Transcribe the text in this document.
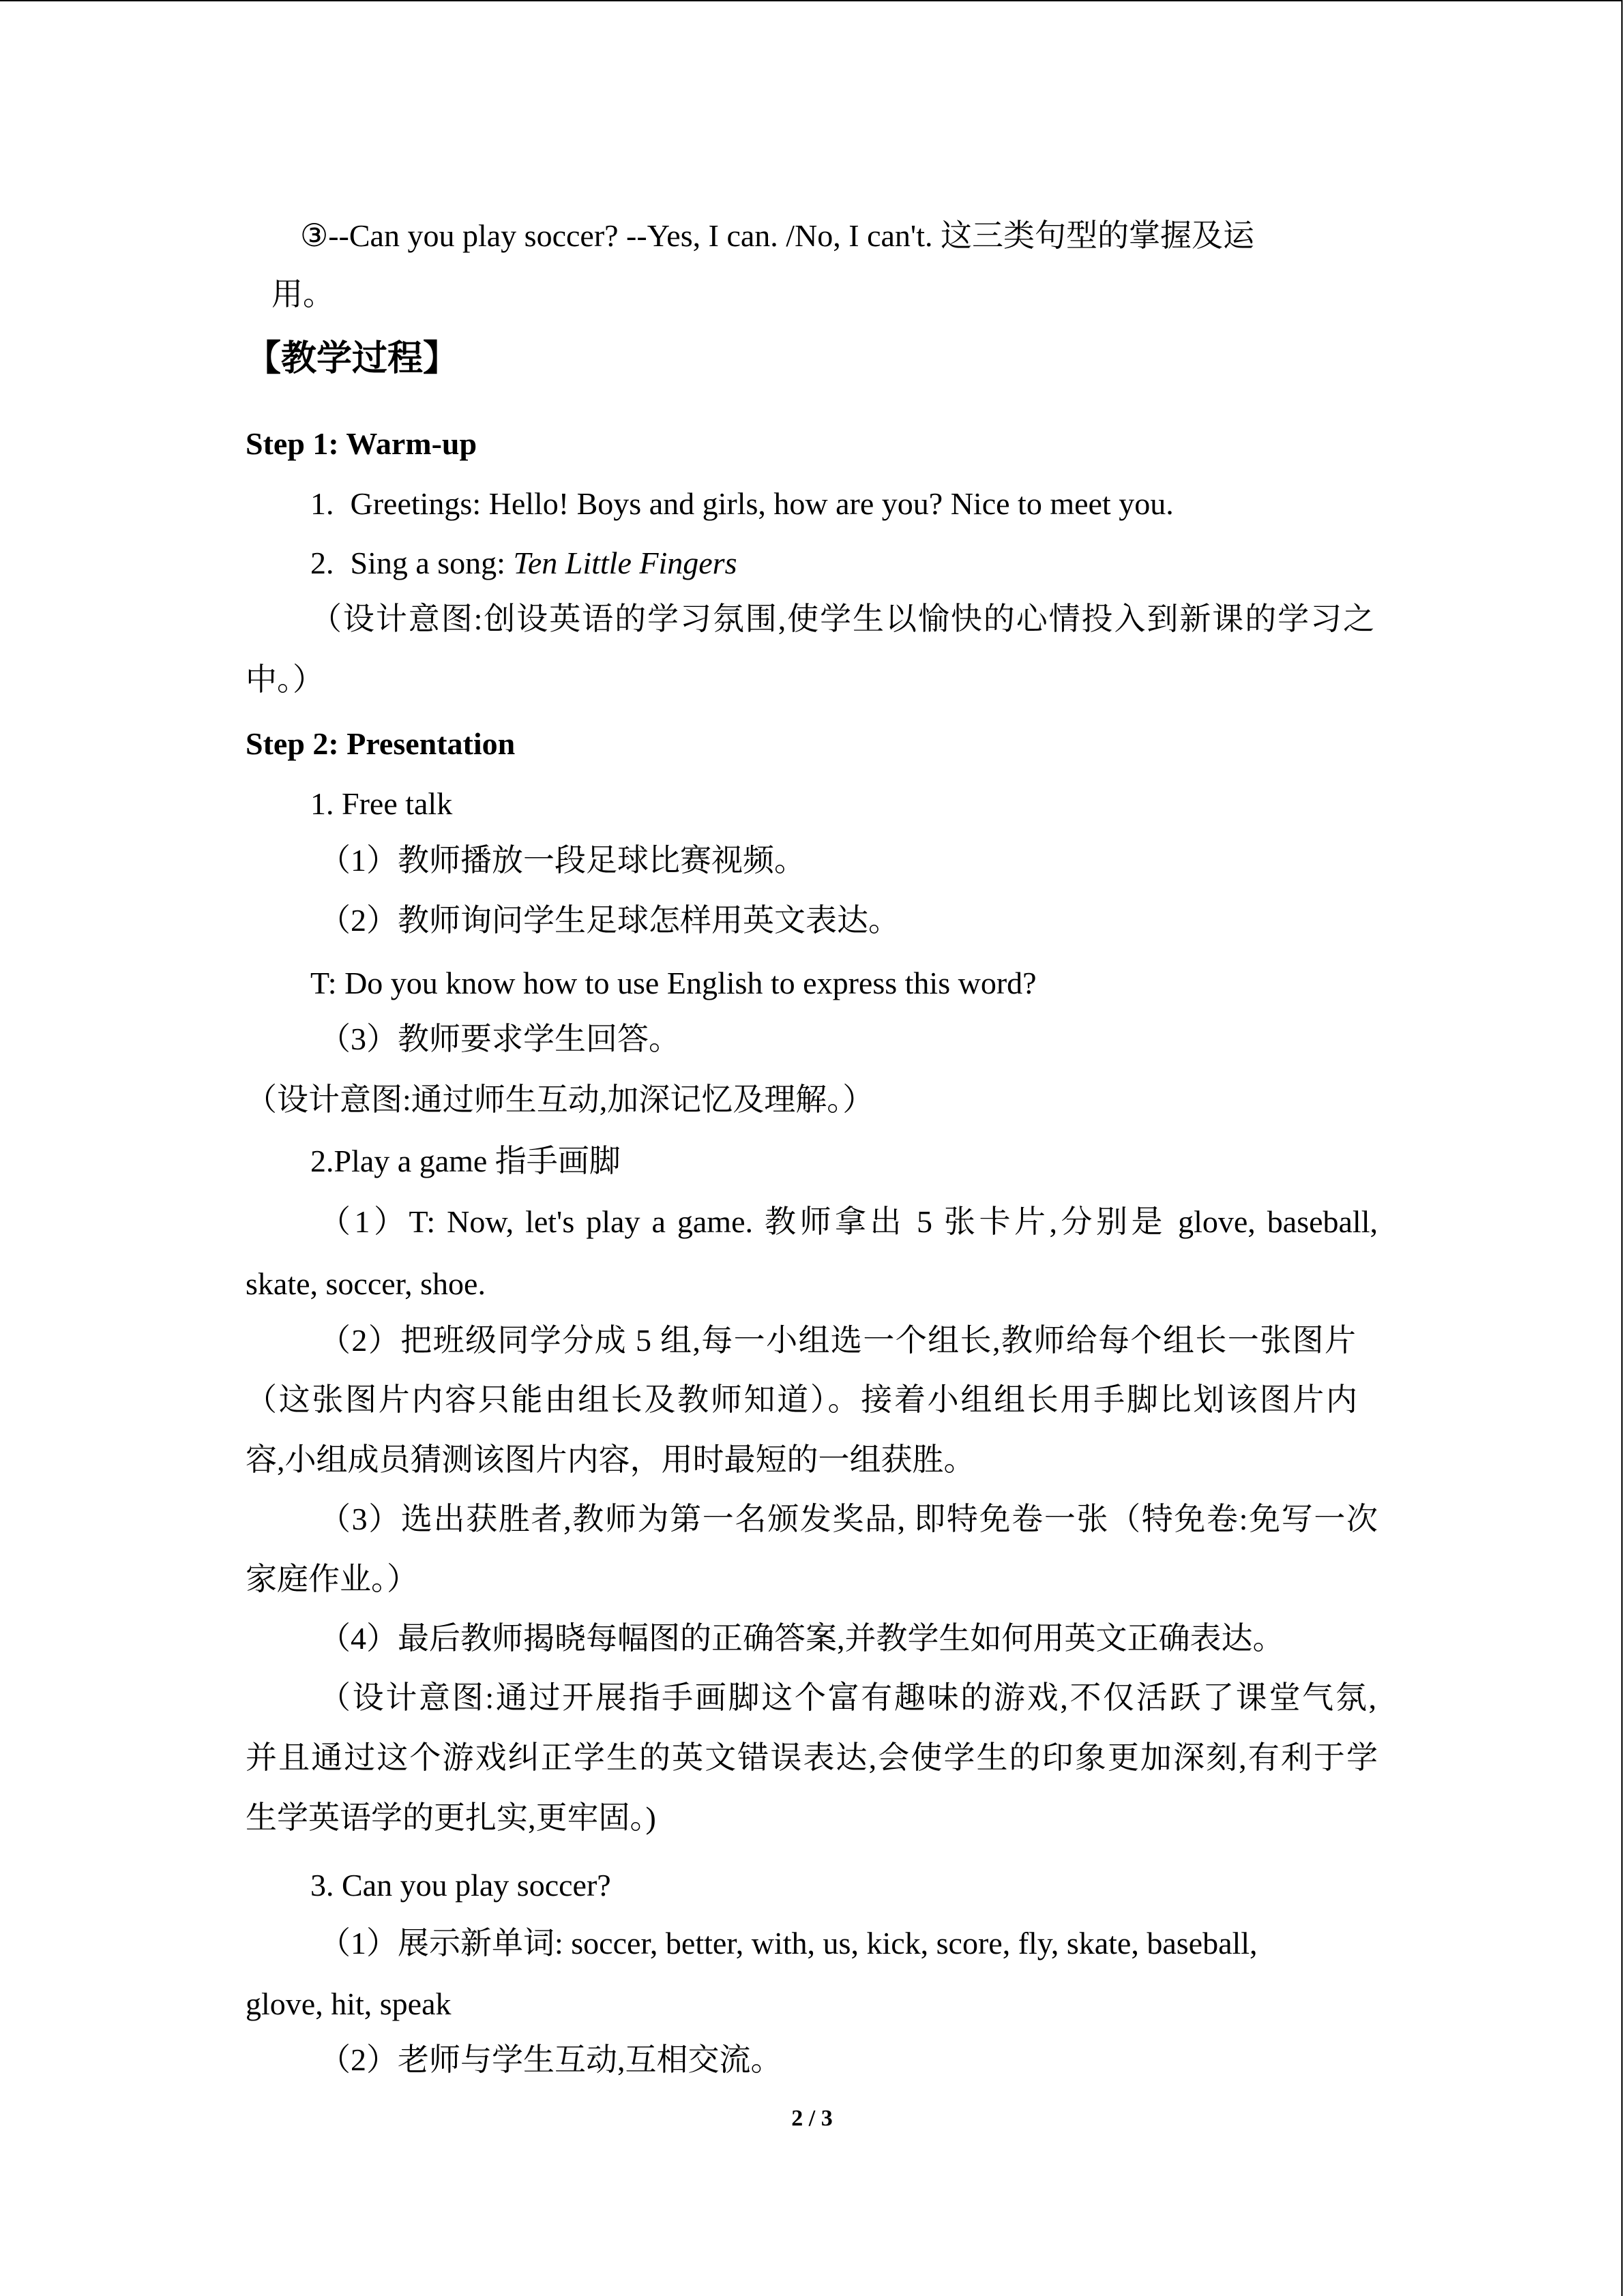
③--Can you play soccer? --Yes, I can. /No, I can't. 这三类句型的掌握及运
用。
【教学过程】
Step 1: Warm-up
1. Greetings: Hello! Boys and girls, how are you? Nice to meet you.
2. Sing a song: Ten Little Fingers
（设计意图:创设英语的学习氛围,使学生以愉快的心情投入到新课的学习之
中。）
Step 2: Presentation
1. Free talk
（1）教师播放一段足球比赛视频。
（2）教师询问学生足球怎样用英文表达。
T: Do you know how to use English to express this word?
（3）教师要求学生回答。
（设计意图:通过师生互动,加深记忆及理解。）
2.Play a game 指手画脚
（1）T: Now, let's play a game. 教师拿出 5 张卡片,分别是 glove, baseball,
skate, soccer, shoe.
（2）把班级同学分成 5 组,每一小组选一个组长,教师给每个组长一张图片
（这张图片内容只能由组长及教师知道）。接着小组组长用手脚比划该图片内
容,小组成员猜测该图片内容，用时最短的一组获胜。
（3）选出获胜者,教师为第一名颁发奖品, 即特免卷一张（特免卷:免写一次
家庭作业。）
（4）最后教师揭晓每幅图的正确答案,并教学生如何用英文正确表达。
（设计意图:通过开展指手画脚这个富有趣味的游戏,不仅活跃了课堂气氛,
并且通过这个游戏纠正学生的英文错误表达,会使学生的印象更加深刻,有利于学
生学英语学的更扎实,更牢固。)
3. Can you play soccer?
（1）展示新单词: soccer, better, with, us, kick, score, fly, skate, baseball,
glove, hit, speak
（2）老师与学生互动,互相交流。
2 / 3
